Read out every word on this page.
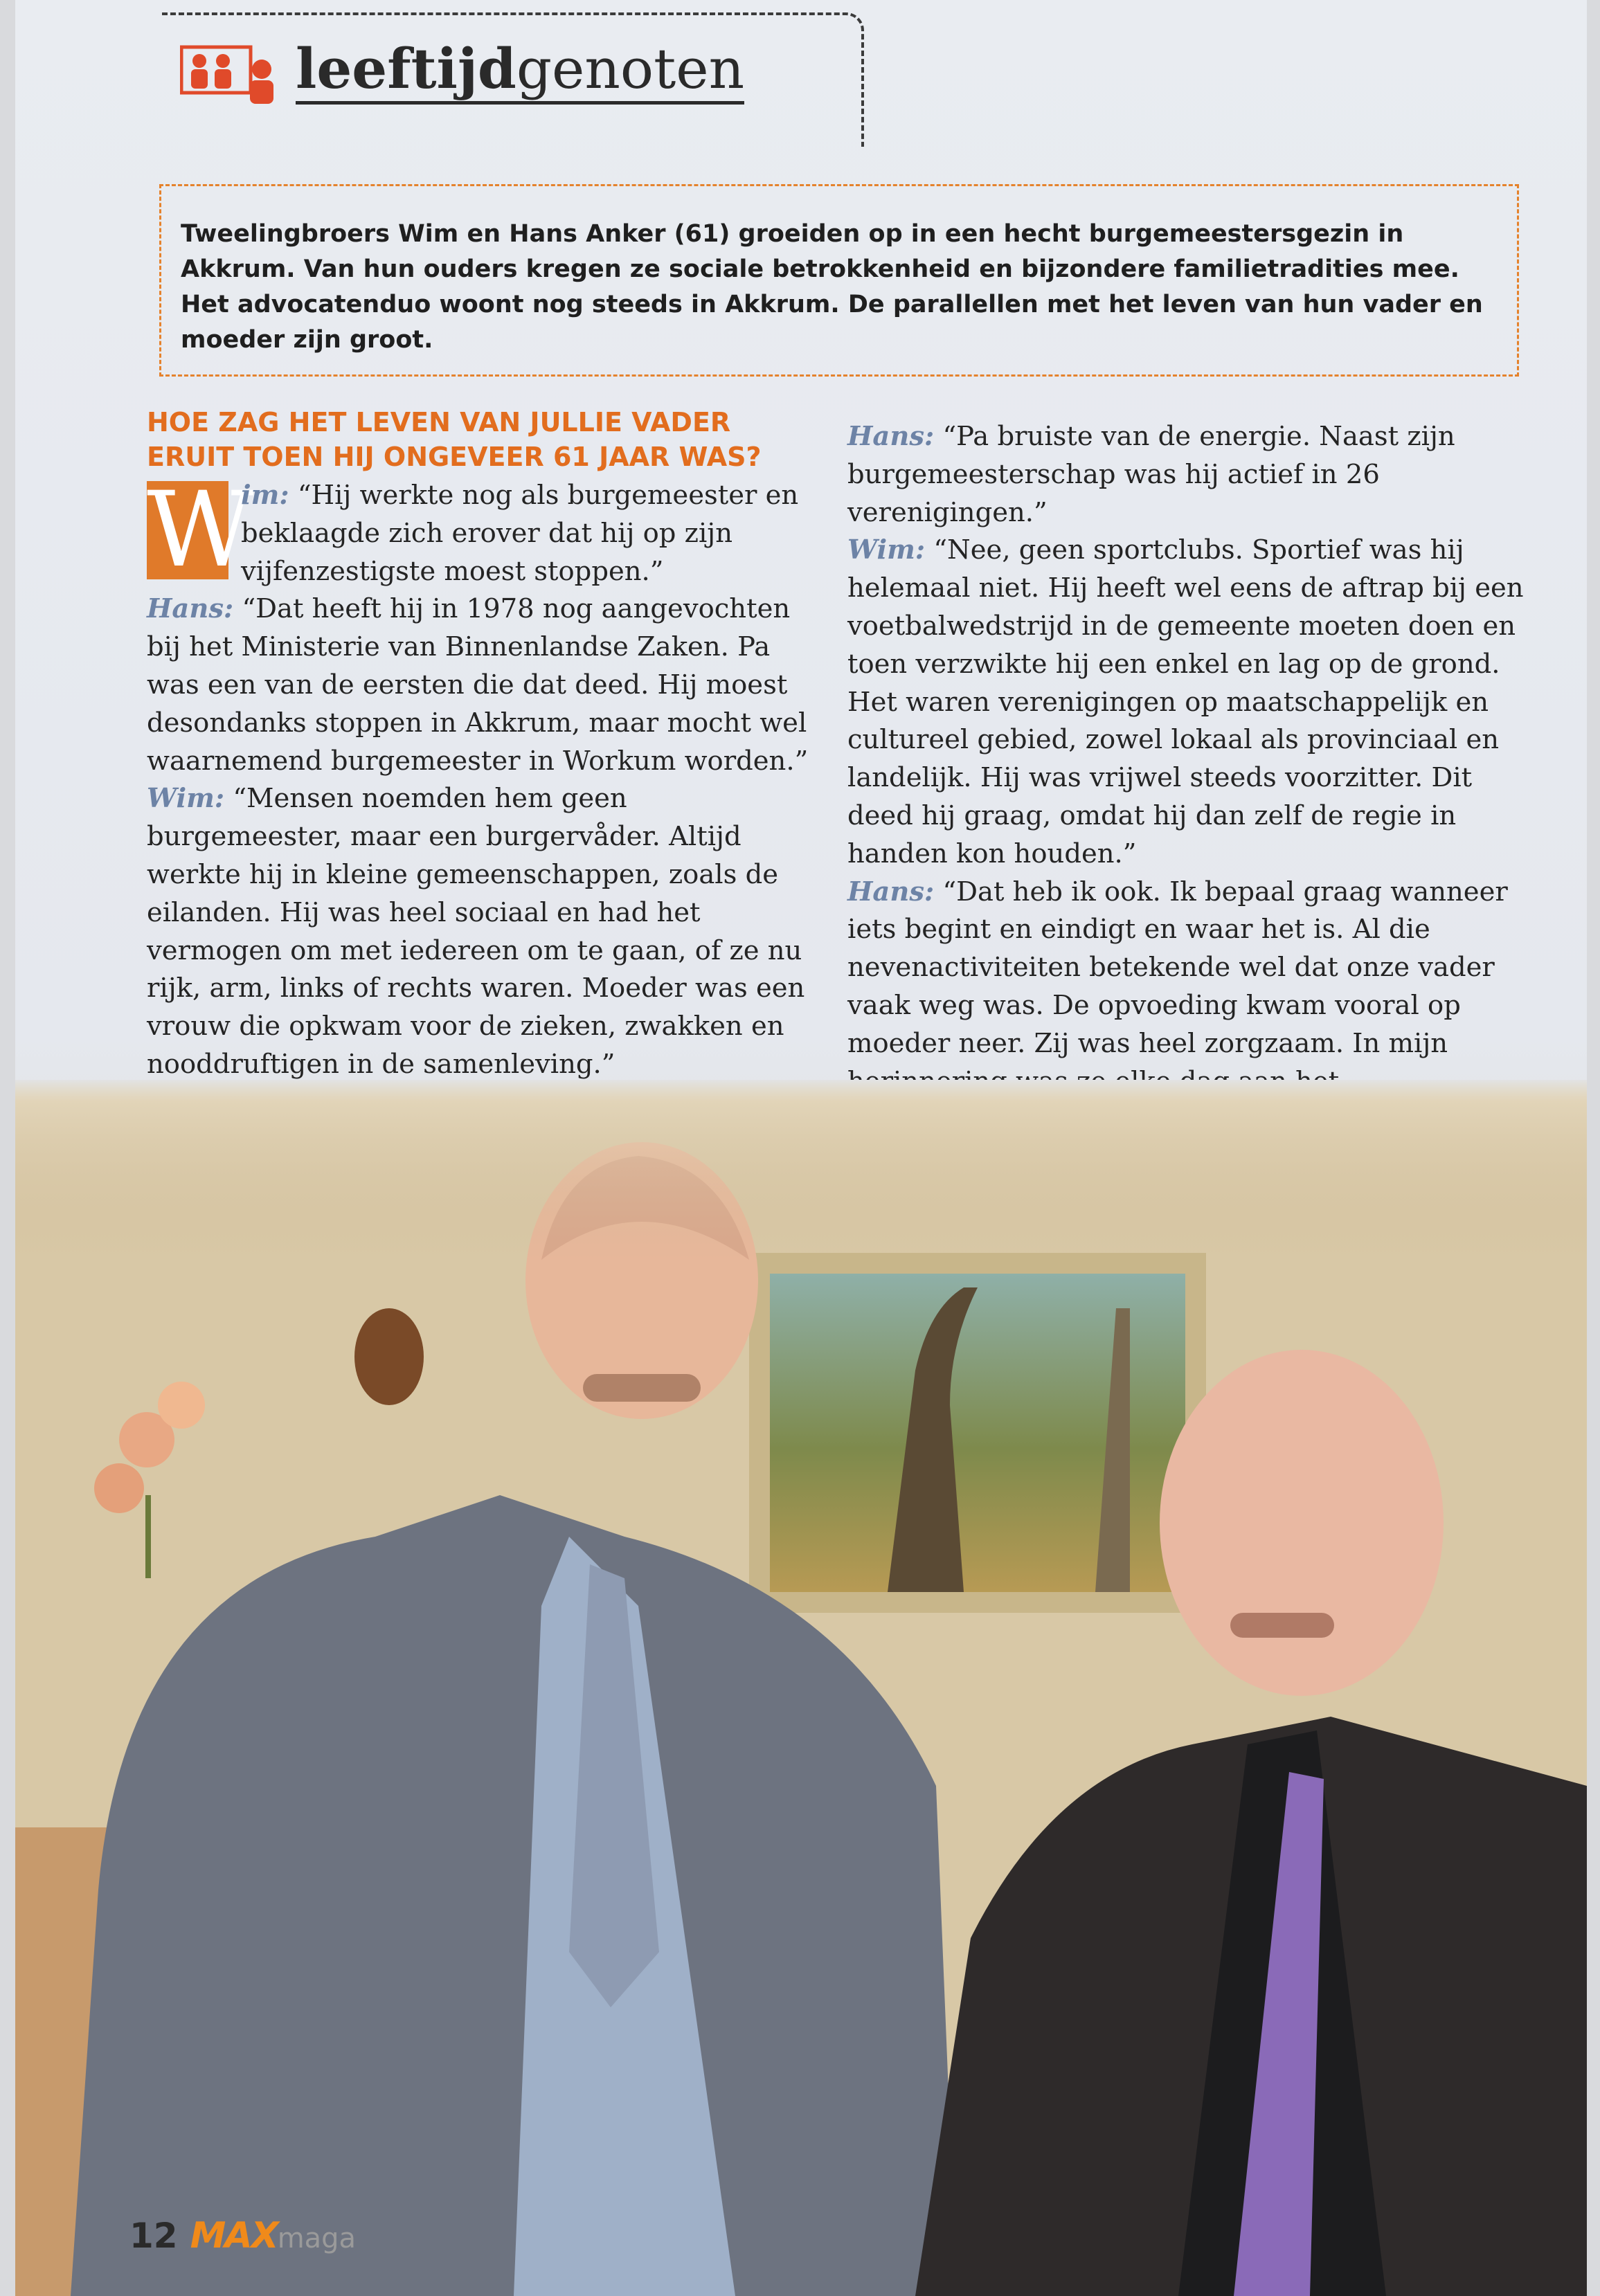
leeftijdgenoten
Tweelingbroers Wim en Hans Anker (61) groeiden op in een hecht burgemeestersgezin in Akkrum. Van hun ouders kregen ze sociale betrokkenheid en bijzondere familietradities mee. Het advocatenduo woont nog steeds in Akkrum. De parallellen met het leven van hun vader en moeder zijn groot.
HOE ZAG HET LEVEN VAN JULLIE VADER ERUIT TOEN HIJ ONGEVEER 61 JAAR WAS?

W
im: “Hij werkte nog als burgemeester en beklaagde zich erover dat hij op zijn vijfenzestigste moest stoppen.”

Hans: “Dat heeft hij in 1978 nog aangevochten bij het Ministerie van Binnenlandse Zaken. Pa was een van de eersten die dat deed. Hij moest desondanks stoppen in Akkrum, maar mocht wel waarnemend burgemeester in Workum worden.”

Wim: “Mensen noemden hem geen burgemeester, maar een burgervåder. Altijd werkte hij in kleine gemeenschappen, zoals de eilanden. Hij was heel sociaal en had het vermogen om met iedereen om te gaan, of ze nu rijk, arm, links of rechts waren. Moeder was een vrouw die opkwam voor de zieken, zwakken en nooddruftigen in de samenleving.”

Hans: “Pa bruiste van de energie. Naast zijn burgemeesterschap was hij actief in 26 verenigingen.”

Wim: “Nee, geen sportclubs. Sportief was hij helemaal niet. Hij heeft wel eens de aftrap bij een voetbalwedstrijd in de gemeente moeten doen en toen verzwikte hij een enkel en lag op de grond. Het waren verenigingen op maatschappelijk en cultureel gebied, zowel lokaal als provinciaal en landelijk. Hij was vrijwel steeds voorzitter. Dit deed hij graag, omdat hij dan zelf de regie in handen kon houden.”

Hans: “Dat heb ik ook. Ik bepaal graag wanneer iets begint en eindigt en waar het is. Al die nevenactiviteiten betekende wel dat onze vader vaak weg was. De opvoeding kwam vooral op moeder neer. Zij was heel zorgzaam. In mijn

12 MAXmaga
